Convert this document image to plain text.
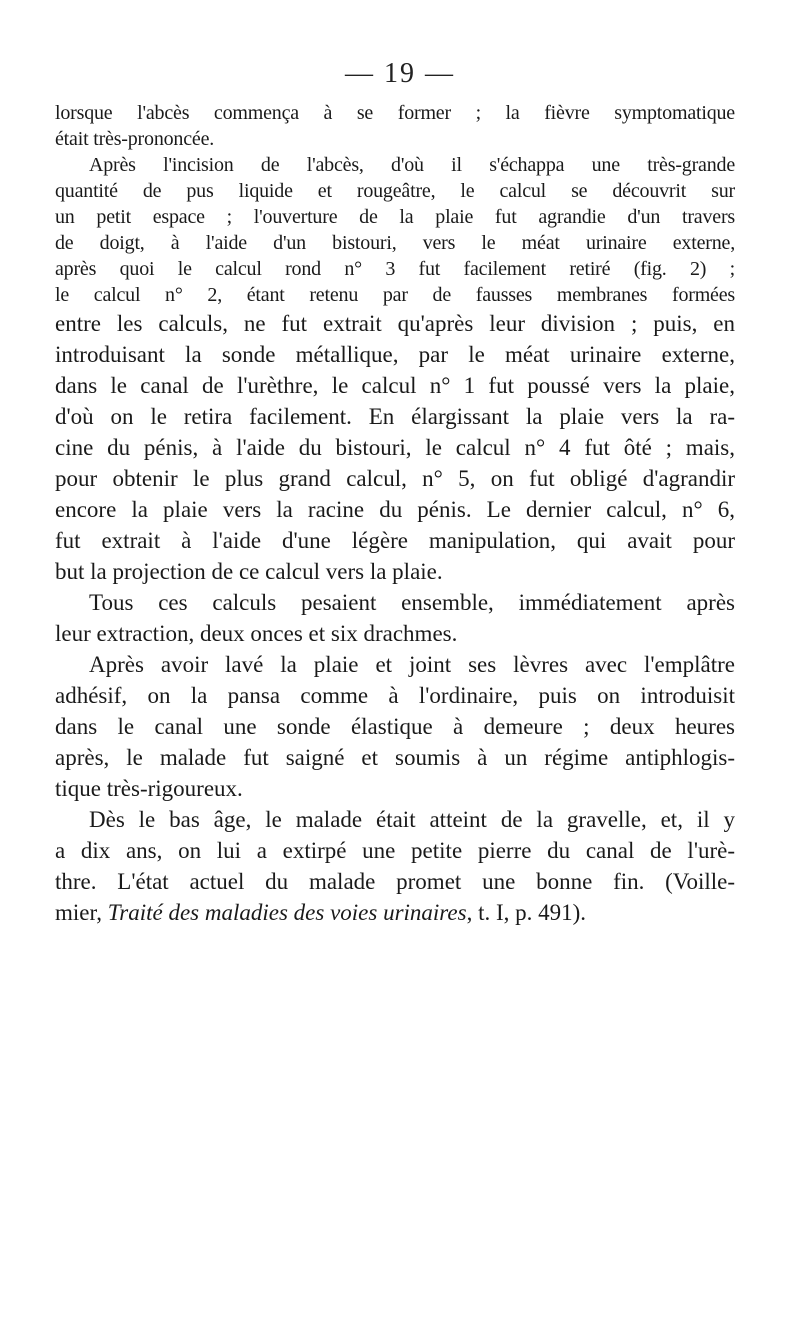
— 19 —
lorsque l'abcès commença à se former ; la fièvre symptomatique
était très-prononcée.
Après l'incision de l'abcès, d'où il s'échappa une très-grande
quantité de pus liquide et rougeâtre, le calcul se découvrit sur
un petit espace ; l'ouverture de la plaie fut agrandie d'un travers
de doigt, à l'aide d'un bistouri, vers le méat urinaire externe,
après quoi le calcul rond n° 3 fut facilement retiré (fig. 2) ;
le calcul n° 2, étant retenu par de fausses membranes formées
entre les calculs, ne fut extrait qu'après leur division ; puis, en
introduisant la sonde métallique, par le méat urinaire externe,
dans le canal de l'urèthre, le calcul n° 1 fut poussé vers la plaie,
d'où on le retira facilement. En élargissant la plaie vers la ra-
cine du pénis, à l'aide du bistouri, le calcul n° 4 fut ôté ; mais,
pour obtenir le plus grand calcul, n° 5, on fut obligé d'agrandir
encore la plaie vers la racine du pénis. Le dernier calcul, n° 6,
fut extrait à l'aide d'une légère manipulation, qui avait pour
but la projection de ce calcul vers la plaie.
Tous ces calculs pesaient ensemble, immédiatement après
leur extraction, deux onces et six drachmes.
Après avoir lavé la plaie et joint ses lèvres avec l'emplâtre
adhésif, on la pansa comme à l'ordinaire, puis on introduisit
dans le canal une sonde élastique à demeure ; deux heures
après, le malade fut saigné et soumis à un régime antiphlogis-
tique très-rigoureux.
Dès le bas âge, le malade était atteint de la gravelle, et, il y
a dix ans, on lui a extirpé une petite pierre du canal de l'urè-
thre. L'état actuel du malade promet une bonne fin. (Voille-
mier, Traité des maladies des voies urinaires, t. I, p. 491).
